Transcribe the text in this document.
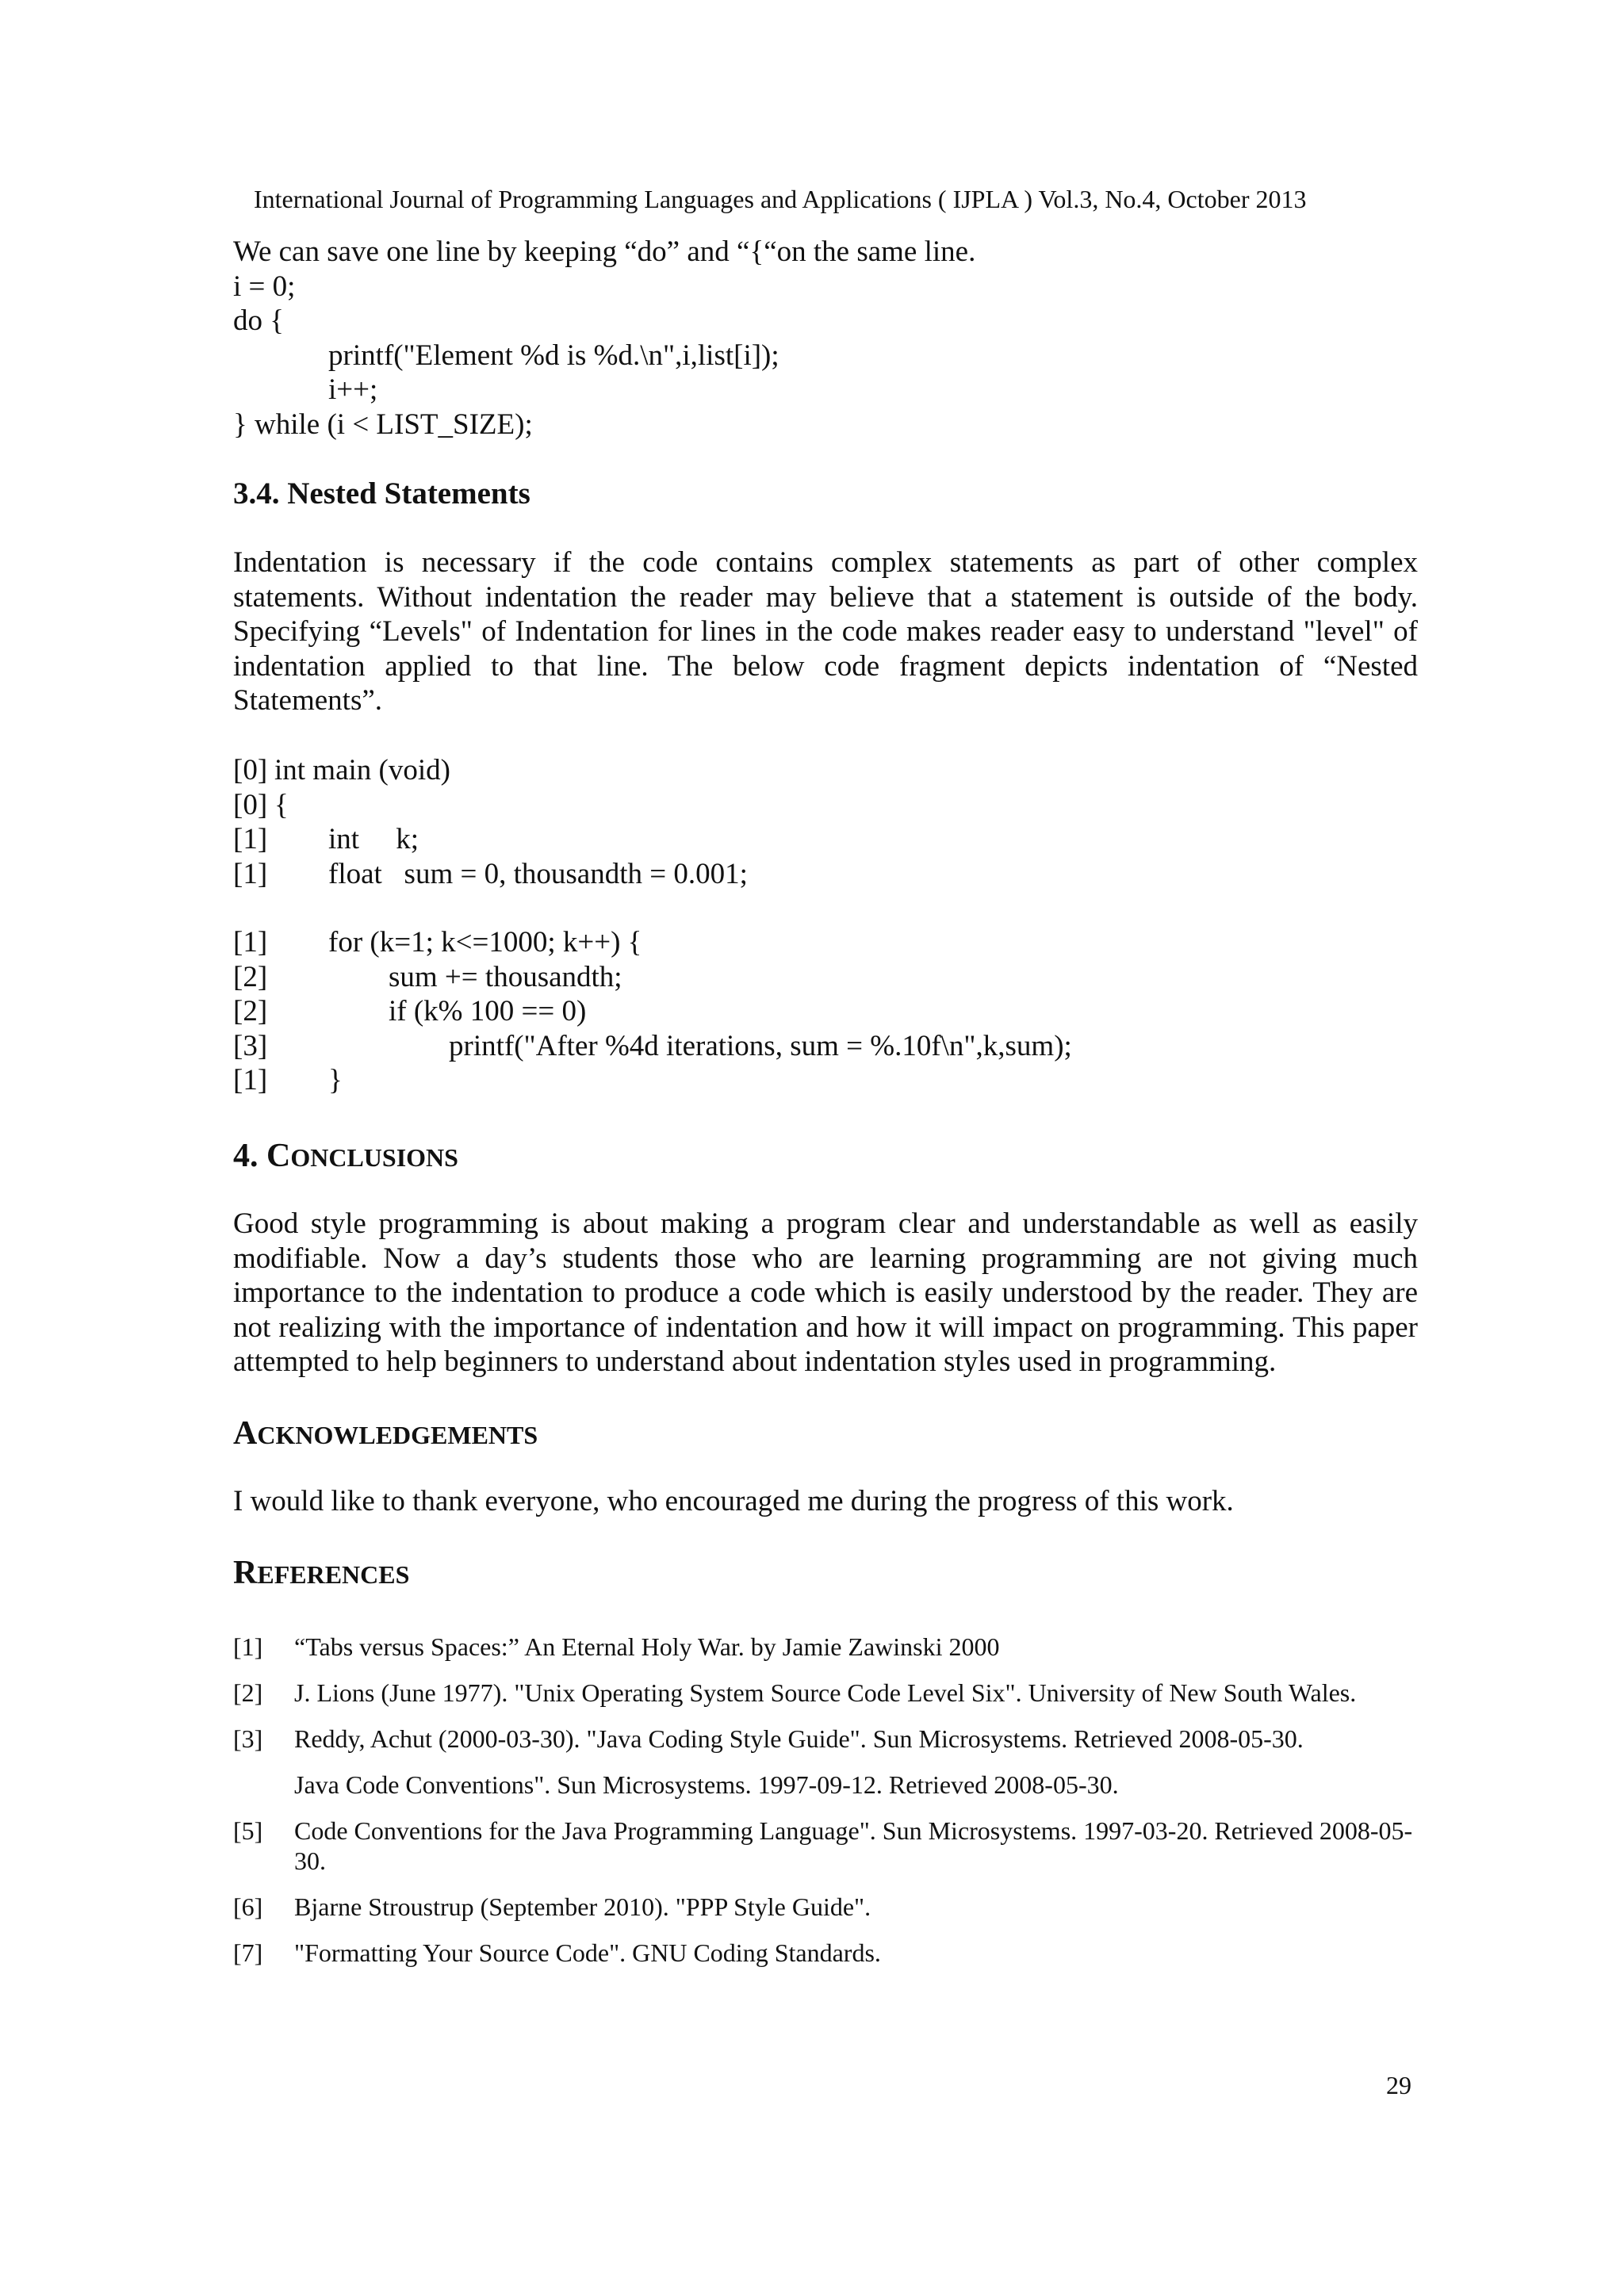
International Journal of Programming Languages and Applications ( IJPLA ) Vol.3, No.4, October 2013
We can save one line by keeping “do” and “{“on the same line.
i = 0;
do {
printf("Element %d is %d.\n",i,list[i]);
i++;
} while (i < LIST_SIZE);
3.4. Nested Statements
Indentation is necessary if the code contains complex statements as part of other complex statements. Without indentation the reader may believe that a statement is outside of the body. Specifying “Levels" of Indentation for lines in the code makes reader easy to understand "level" of indentation applied to that line. The below code fragment depicts indentation of “Nested Statements”.
[0] int main (void)
[0] {
[1] int     k;
[1] float   sum = 0, thousandth = 0.001;
[1] for (k=1; k<=1000; k++) {
[2]	sum += thousandth;
[2]	if (k% 100 == 0)
[3]	printf("After %4d iterations, sum = %.10f\n",k,sum);
[1] }
4. CONCLUSIONS
Good style programming is about making a program clear and understandable as well as easily modifiable. Now a day’s students those who are learning programming are not giving much importance to the indentation to produce a code which is easily understood by the reader. They are not realizing with the importance of indentation and how it will impact on programming. This paper attempted to help beginners to understand about indentation styles used in programming.
ACKNOWLEDGEMENTS
I would like to thank everyone, who encouraged me during the progress of this work.
REFERENCES
[1] “Tabs versus Spaces:” An Eternal Holy War. by Jamie Zawinski 2000
[2] J. Lions (June 1977). "Unix Operating System Source Code Level Six". University of New South Wales.
[3] Reddy, Achut (2000-03-30). "Java Coding Style Guide". Sun Microsystems. Retrieved 2008-05-30.
Java Code Conventions". Sun Microsystems. 1997-09-12. Retrieved 2008-05-30.
[5] Code Conventions for the Java Programming Language". Sun Microsystems. 1997-03-20. Retrieved 2008-05-30.
[6] Bjarne Stroustrup (September 2010). "PPP Style Guide".
[7] "Formatting Your Source Code". GNU Coding Standards.
29
